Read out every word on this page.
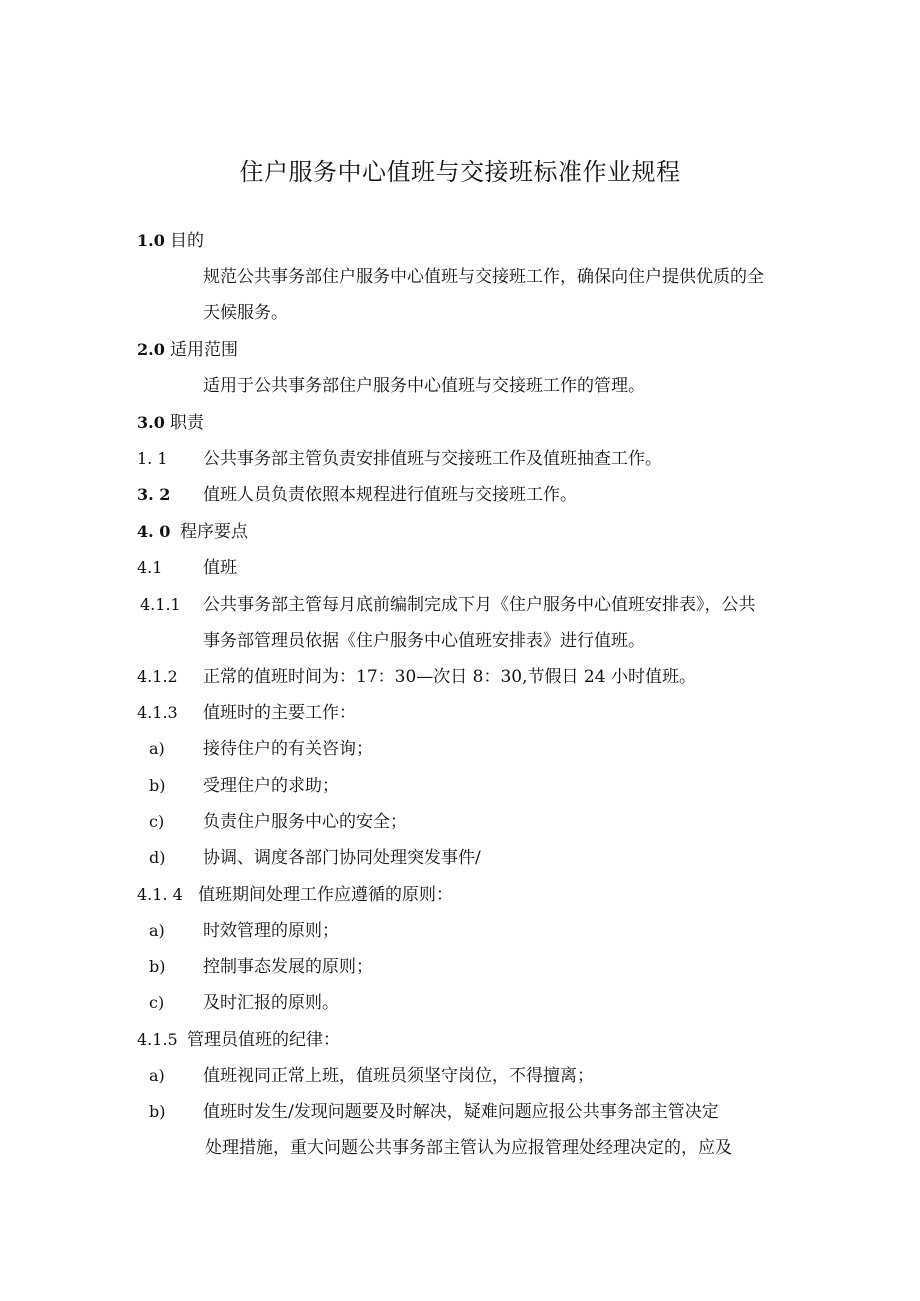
住户服务中心值班与交接班标准作业规程
1.0 目的
规范公共事务部住户服务中心值班与交接班工作，确保向住户提供优质的全
天候服务。
2.0 适用范围
适用于公共事务部住户服务中心值班与交接班工作的管理。
3.0 职责
1. 1 公共事务部主管负责安排值班与交接班工作及值班抽查工作。
3. 2 值班人员负责依照本规程进行值班与交接班工作。
4. 0 程序要点
4.1 值班
4.1.1 公共事务部主管每月底前编制完成下月《住户服务中心值班安排表》，公共
事务部管理员依据《住户服务中心值班安排表》进行值班。
4.1.2 正常的值班时间为：17：30—次日 8：30,节假日 24 小时值班。
4.1.3 值班时的主要工作：
a) 接待住户的有关咨询；
b) 受理住户的求助；
c) 负责住户服务中心的安全；
d) 协调、调度各部门协同处理突发事件/
4.1. 4 值班期间处理工作应遵循的原则：
a) 时效管理的原则；
b) 控制事态发展的原则；
c) 及时汇报的原则。
4.1.5 管理员值班的纪律：
a) 值班视同正常上班，值班员须坚守岗位，不得擅离；
b) 值班时发生/发现问题要及时解决，疑难问题应报公共事务部主管决定
处理措施，重大问题公共事务部主管认为应报管理处经理决定的，应及
